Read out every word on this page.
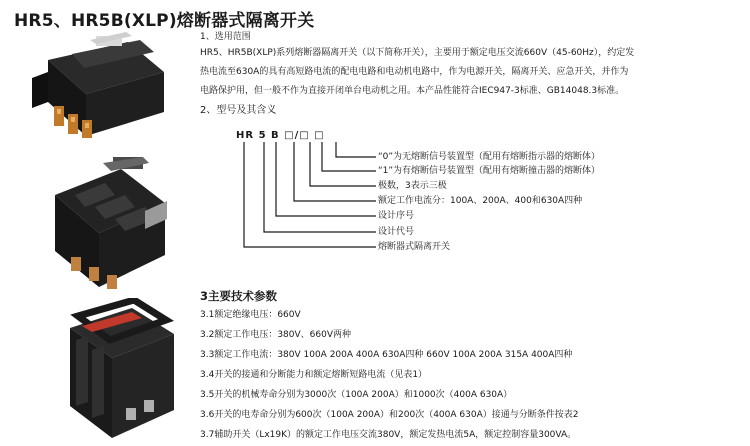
HR5、HR5B(XLP)熔断器式隔离开关
1、选用范围
HR5、HR5B(XLP)系列熔断器隔离开关（以下简称开关），主要用于额定电压交流660V（45-60Hz），约定发
热电流至630A的具有高短路电流的配电电路和电动机电路中，作为电源开关，隔离开关、应急开关，并作为
电路保护用，但一般不作为直接开闭单台电动机之用。本产品性能符合IEC947-3标准、GB14048.3标准。
2、型号及其含义
HR 5 B □/□ □
“0”为无熔断信号装置型（配用有熔断指示器的熔断体）
“1”为有熔断信号装置型（配用有熔断撞击器的熔断体）
极数，3表示三极
额定工作电流分：100A、200A、400和630A四种
设计序号
设计代号
熔断器式隔离开关
3主要技术参数
3.1额定绝缘电压：660V
3.2额定工作电压：380V、660V两种
3.3额定工作电流：380V 100A 200A 400A 630A四种 660V 100A 200A 315A 400A四种
3.4开关的接通和分断能力和额定熔断短路电流（见表1）
3.5开关的机械寿命分别为3000次（100A 200A）和1000次（400A 630A）
3.6开关的电寿命分别为600次（100A 200A）和200次（400A 630A）接通与分断条件按表2
3.7辅助开关（Lx19K）的额定工作电压交流380V，额定发热电流5A，额定控制容量300VA。
